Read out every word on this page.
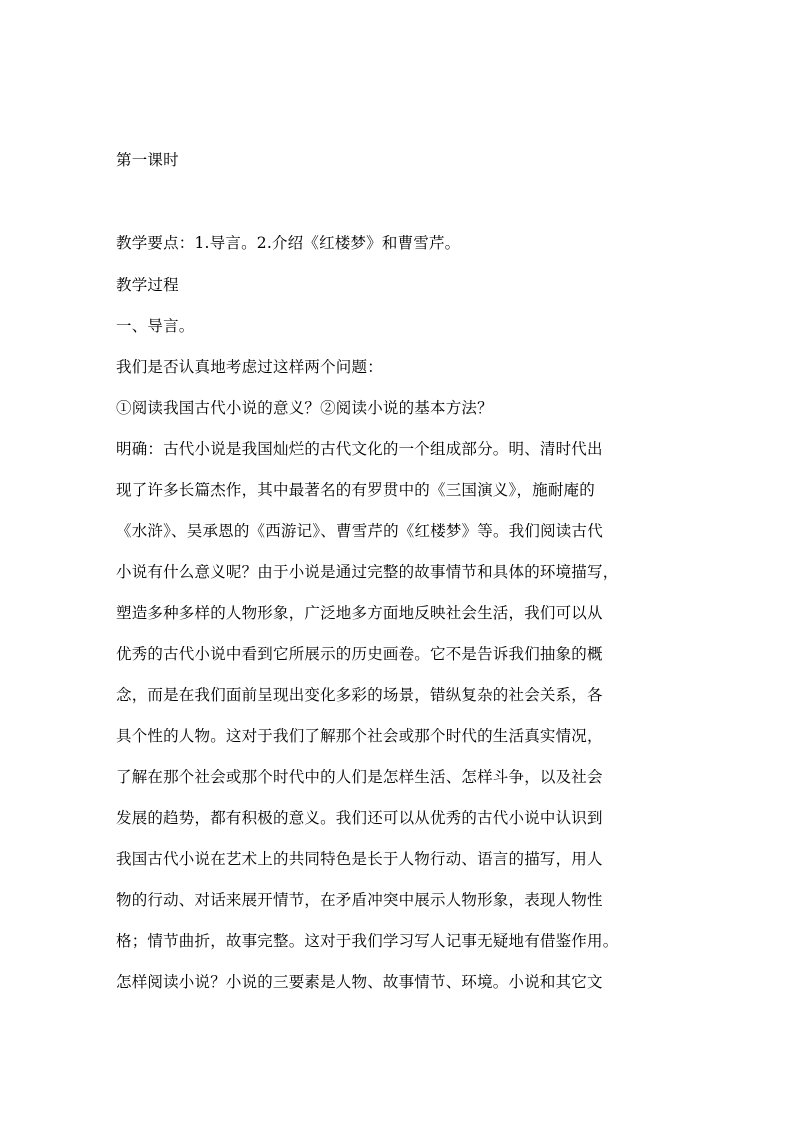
第一课时
教学要点：1.导言。2.介绍《红楼梦》和曹雪芹。
教学过程
一、导言。
我们是否认真地考虑过这样两个问题：
①阅读我国古代小说的意义？②阅读小说的基本方法？
明确：古代小说是我国灿烂的古代文化的一个组成部分。明、清时代出
现了许多长篇杰作，其中最著名的有罗贯中的《三国演义》，施耐庵的
《水浒》、吴承恩的《西游记》、曹雪芹的《红楼梦》等。我们阅读古代
小说有什么意义呢？由于小说是通过完整的故事情节和具体的环境描写，
塑造多种多样的人物形象，广泛地多方面地反映社会生活，我们可以从
优秀的古代小说中看到它所展示的历史画卷。它不是告诉我们抽象的概
念，而是在我们面前呈现出变化多彩的场景，错纵复杂的社会关系，各
具个性的人物。这对于我们了解那个社会或那个时代的生活真实情况，
了解在那个社会或那个时代中的人们是怎样生活、怎样斗争，以及社会
发展的趋势，都有积极的意义。我们还可以从优秀的古代小说中认识到
我国古代小说在艺术上的共同特色是长于人物行动、语言的描写，用人
物的行动、对话来展开情节，在矛盾冲突中展示人物形象，表现人物性
格；情节曲折，故事完整。这对于我们学习写人记事无疑地有借鉴作用。
怎样阅读小说？小说的三要素是人物、故事情节、环境。小说和其它文
